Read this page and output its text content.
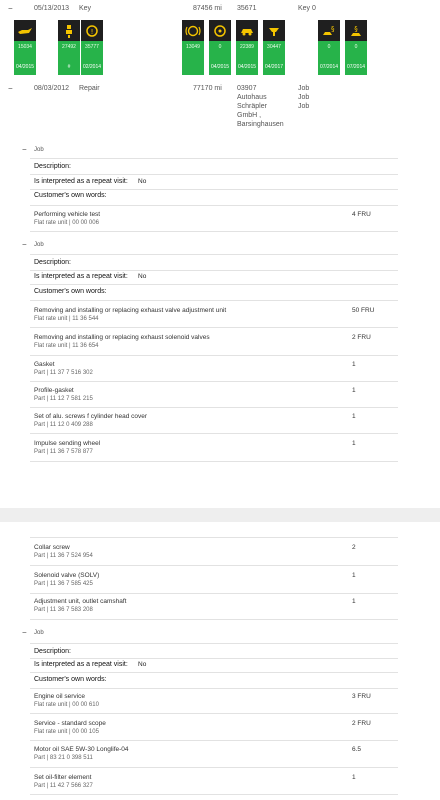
−	05/13/2013 Key	87456 mi 35671	Key 0
15034
04/2015
27492
#
!
35777
02/2014
13049	0
04/2015
22389
04/2015
30447
04/2017
§
0
07/2014
§
0
07/2014
−	08/03/2012 Repair	77170 mi 03907
Autohaus
Schräpler
GmbH ,
Barsinghausen
Job
Job
Job
− Job
Description:
Is interpreted as a repeat visit: No
Customer's own words:
Performing vehicle test
Flat rate unit | 00 00 006
4 FRU
− Job
Description:
Is interpreted as a repeat visit: No
Customer's own words:
Removing and installing or replacing exhaust valve adjustment unit
Flat rate unit | 11 36 544
50 FRU
Removing and installing or replacing exhaust solenoid valves
Flat rate unit | 11 36 654
2 FRU
Gasket
Part | 11 37 7 516 302
1
Profile-gasket
Part | 11 12 7 581 215
1
Set of alu. screws f cylinder head cover
Part | 11 12 0 409 288
1
Impulse sending wheel
Part | 11 36 7 578 877
1
Collar screw
Part | 11 36 7 524 954
2
Solenoid valve (SOLV)
Part | 11 36 7 585 425
1
Adjustment unit, outlet camshaft
Part | 11 36 7 583 208
1
− Job
Description:
Is interpreted as a repeat visit: No
Customer's own words:
Engine oil service
Flat rate unit | 00 00 610
3 FRU
Service - standard scope
Flat rate unit | 00 00 105
2 FRU
Motor oil SAE 5W-30 Longlife-04
Part | 83 21 0 398 511
6.5
Set oil-filter element
Part | 11 42 7 566 327
1
